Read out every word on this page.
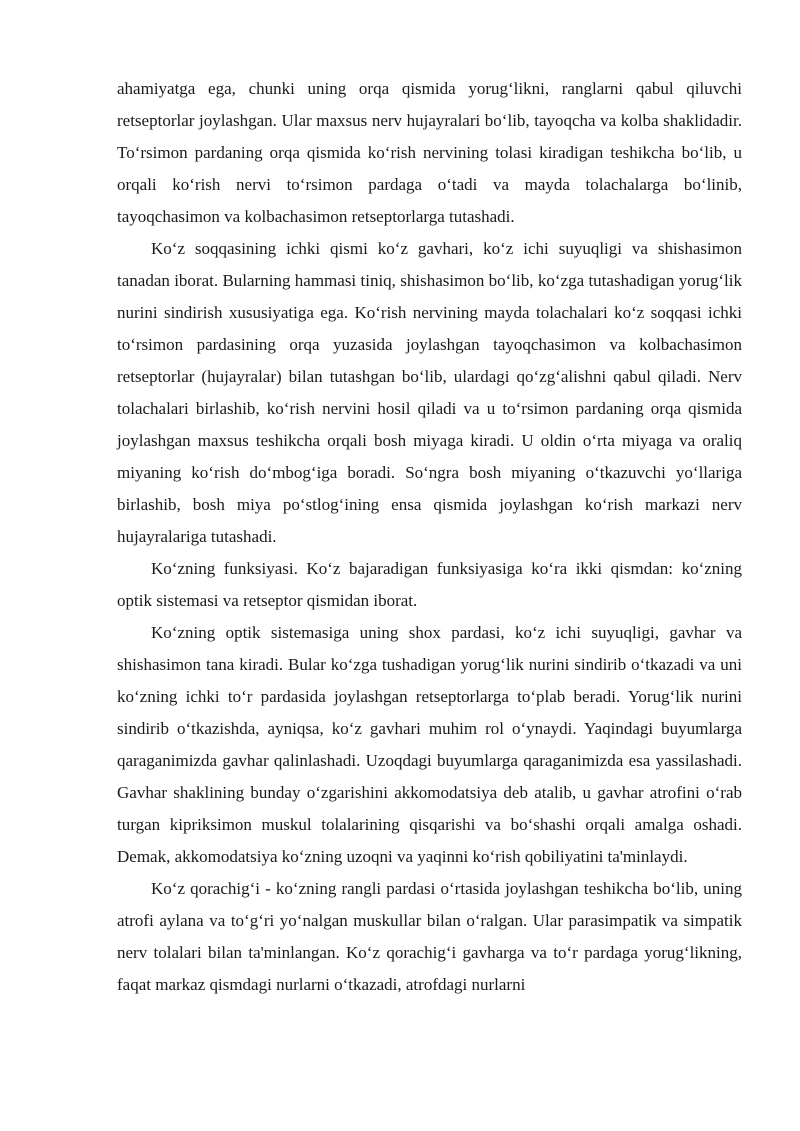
ahamiyatga ega, chunki uning orqa qismida yorug‘likni, ranglarni qabul qiluvchi retseptorlar joylashgan. Ular maxsus nerv hujayralari bo‘lib, tayoqcha va kolba shaklidadir. To‘rsimon pardaning orqa qismida ko‘rish nervining tolasi kiradigan teshikcha bo‘lib, u orqali ko‘rish nervi to‘rsimon pardaga o‘tadi va mayda tolachalarga bo‘linib, tayoqchasimon va kolbachasimon retseptorlarga tutashadi.

Ko‘z soqqasining ichki qismi ko‘z gavhari, ko‘z ichi suyuqligi va shishasimon tanadan iborat. Bularning hammasi tiniq, shishasimon bo‘lib, ko‘zga tutashadigan yorug‘lik nurini sindirish xususiyatiga ega. Ko‘rish nervining mayda tolachalari ko‘z soqqasi ichki to‘rsimon pardasining orqa yuzasida joylashgan tayoqchasimon va kolbachasimon retseptorlar (hujayralar) bilan tutashgan bo‘lib, ulardagi qo‘zg‘alishni qabul qiladi. Nerv tolachalari birlashib, ko‘rish nervini hosil qiladi va u to‘rsimon pardaning orqa qismida joylashgan maxsus teshikcha orqali bosh miyaga kiradi. U oldin o‘rta miyaga va oraliq miyaning ko‘rish do‘mbog‘iga boradi. So‘ngra bosh miyaning o‘tkazuvchi yo‘llariga birlashib, bosh miya po‘stlog‘ining ensa qismida joylashgan ko‘rish markazi nerv hujayralariga tutashadi.

Ko‘zning funksiyasi. Ko‘z bajaradigan funksiyasiga ko‘ra ikki qismdan: ko‘zning optik sistemasi va retseptor qismidan iborat.

Ko‘zning optik sistemasiga uning shox pardasi, ko‘z ichi suyuqligi, gavhar va shishasimon tana kiradi. Bular ko‘zga tushadigan yorug‘lik nurini sindirib o‘tkazadi va uni ko‘zning ichki to‘r pardasida joylashgan retseptorlarga to‘plab beradi. Yorug‘lik nurini sindirib o‘tkazishda, ayniqsa, ko‘z gavhari muhim rol o‘ynaydi. Yaqindagi buyumlarga qaraganimizda gavhar qalinlashadi. Uzoqdagi buyumlarga qaraganimizda esa yassilashadi. Gavhar shaklining bunday o‘zgarishini akkomodatsiya deb atalib, u gavhar atrofini o‘rab turgan kipriksimon muskul tolalarining qisqarishi va bo‘shashi orqali amalga oshadi. Demak, akkomodatsiya ko‘zning uzoqni va yaqinni ko‘rish qobiliyatini ta'minlaydi.

Ko‘z qorachig‘i - ko‘zning rangli pardasi o‘rtasida joylashgan teshikcha bo‘lib, uning atrofi aylana va to‘g‘ri yo‘nalgan muskullar bilan o‘ralgan. Ular parasimpatik va simpatik nerv tolalari bilan ta'minlangan. Ko‘z qorachig‘i gavharga va to‘r pardaga yorug‘likning, faqat markaz qismdagi nurlarni o‘tkazadi, atrofdagi nurlarni
